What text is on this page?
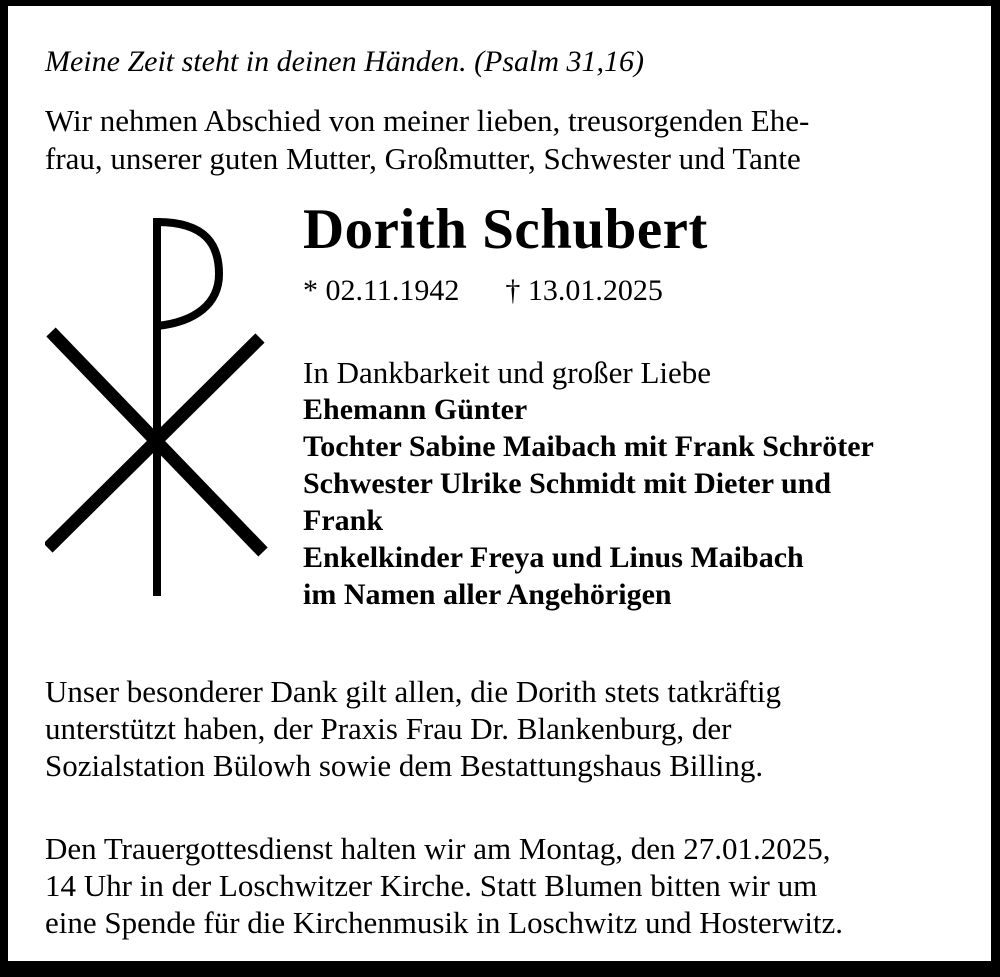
Meine Zeit steht in deinen Händen. (Psalm 31,16)
Wir nehmen Abschied von meiner lieben, treusorgenden Ehe-
frau, unserer guten Mutter, Großmutter, Schwester und Tante
Dorith Schubert
* 02.11.1942 † 13.01.2025
In Dankbarkeit und großer Liebe
Ehemann Günter
Tochter Sabine Maibach mit Frank Schröter
Schwester Ulrike Schmidt mit Dieter und
Frank
Enkelkinder Freya und Linus Maibach
im Namen aller Angehörigen
Unser besonderer Dank gilt allen, die Dorith stets tatkräftig
unterstützt haben, der Praxis Frau Dr. Blankenburg, der
Sozialstation Bülowh sowie dem Bestattungshaus Billing.
Den Trauergottesdienst halten wir am Montag, den 27.01.2025,
14 Uhr in der Loschwitzer Kirche. Statt Blumen bitten wir um
eine Spende für die Kirchenmusik in Loschwitz und Hosterwitz.
